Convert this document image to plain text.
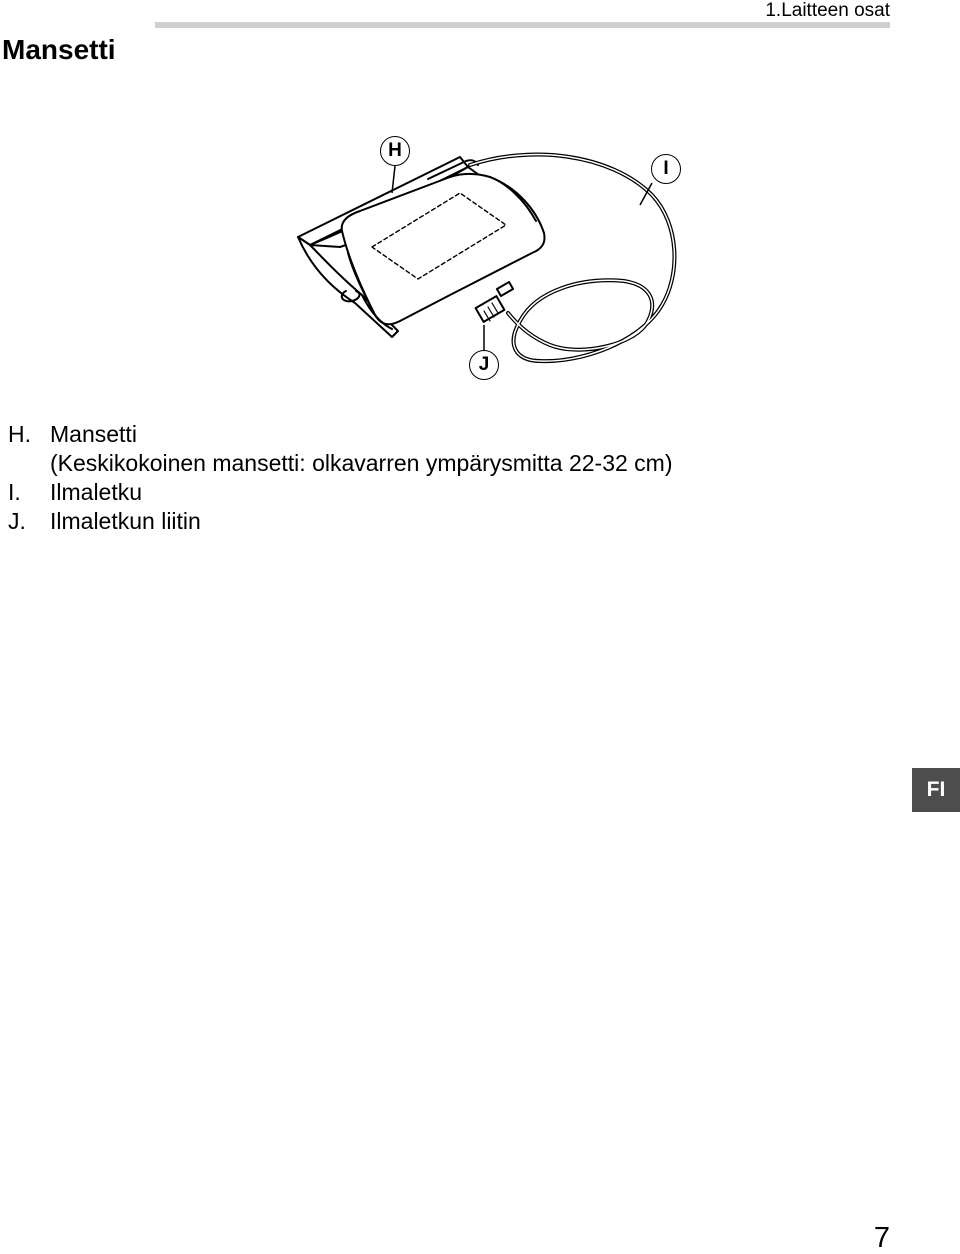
1.Laitteen osat
Mansetti
H
I
J
H. Mansetti
(Keskikokoinen mansetti: olkavarren ympärysmitta 22-32 cm)
I.	Ilmaletku
J.	Ilmaletkun liitin
FI
7
